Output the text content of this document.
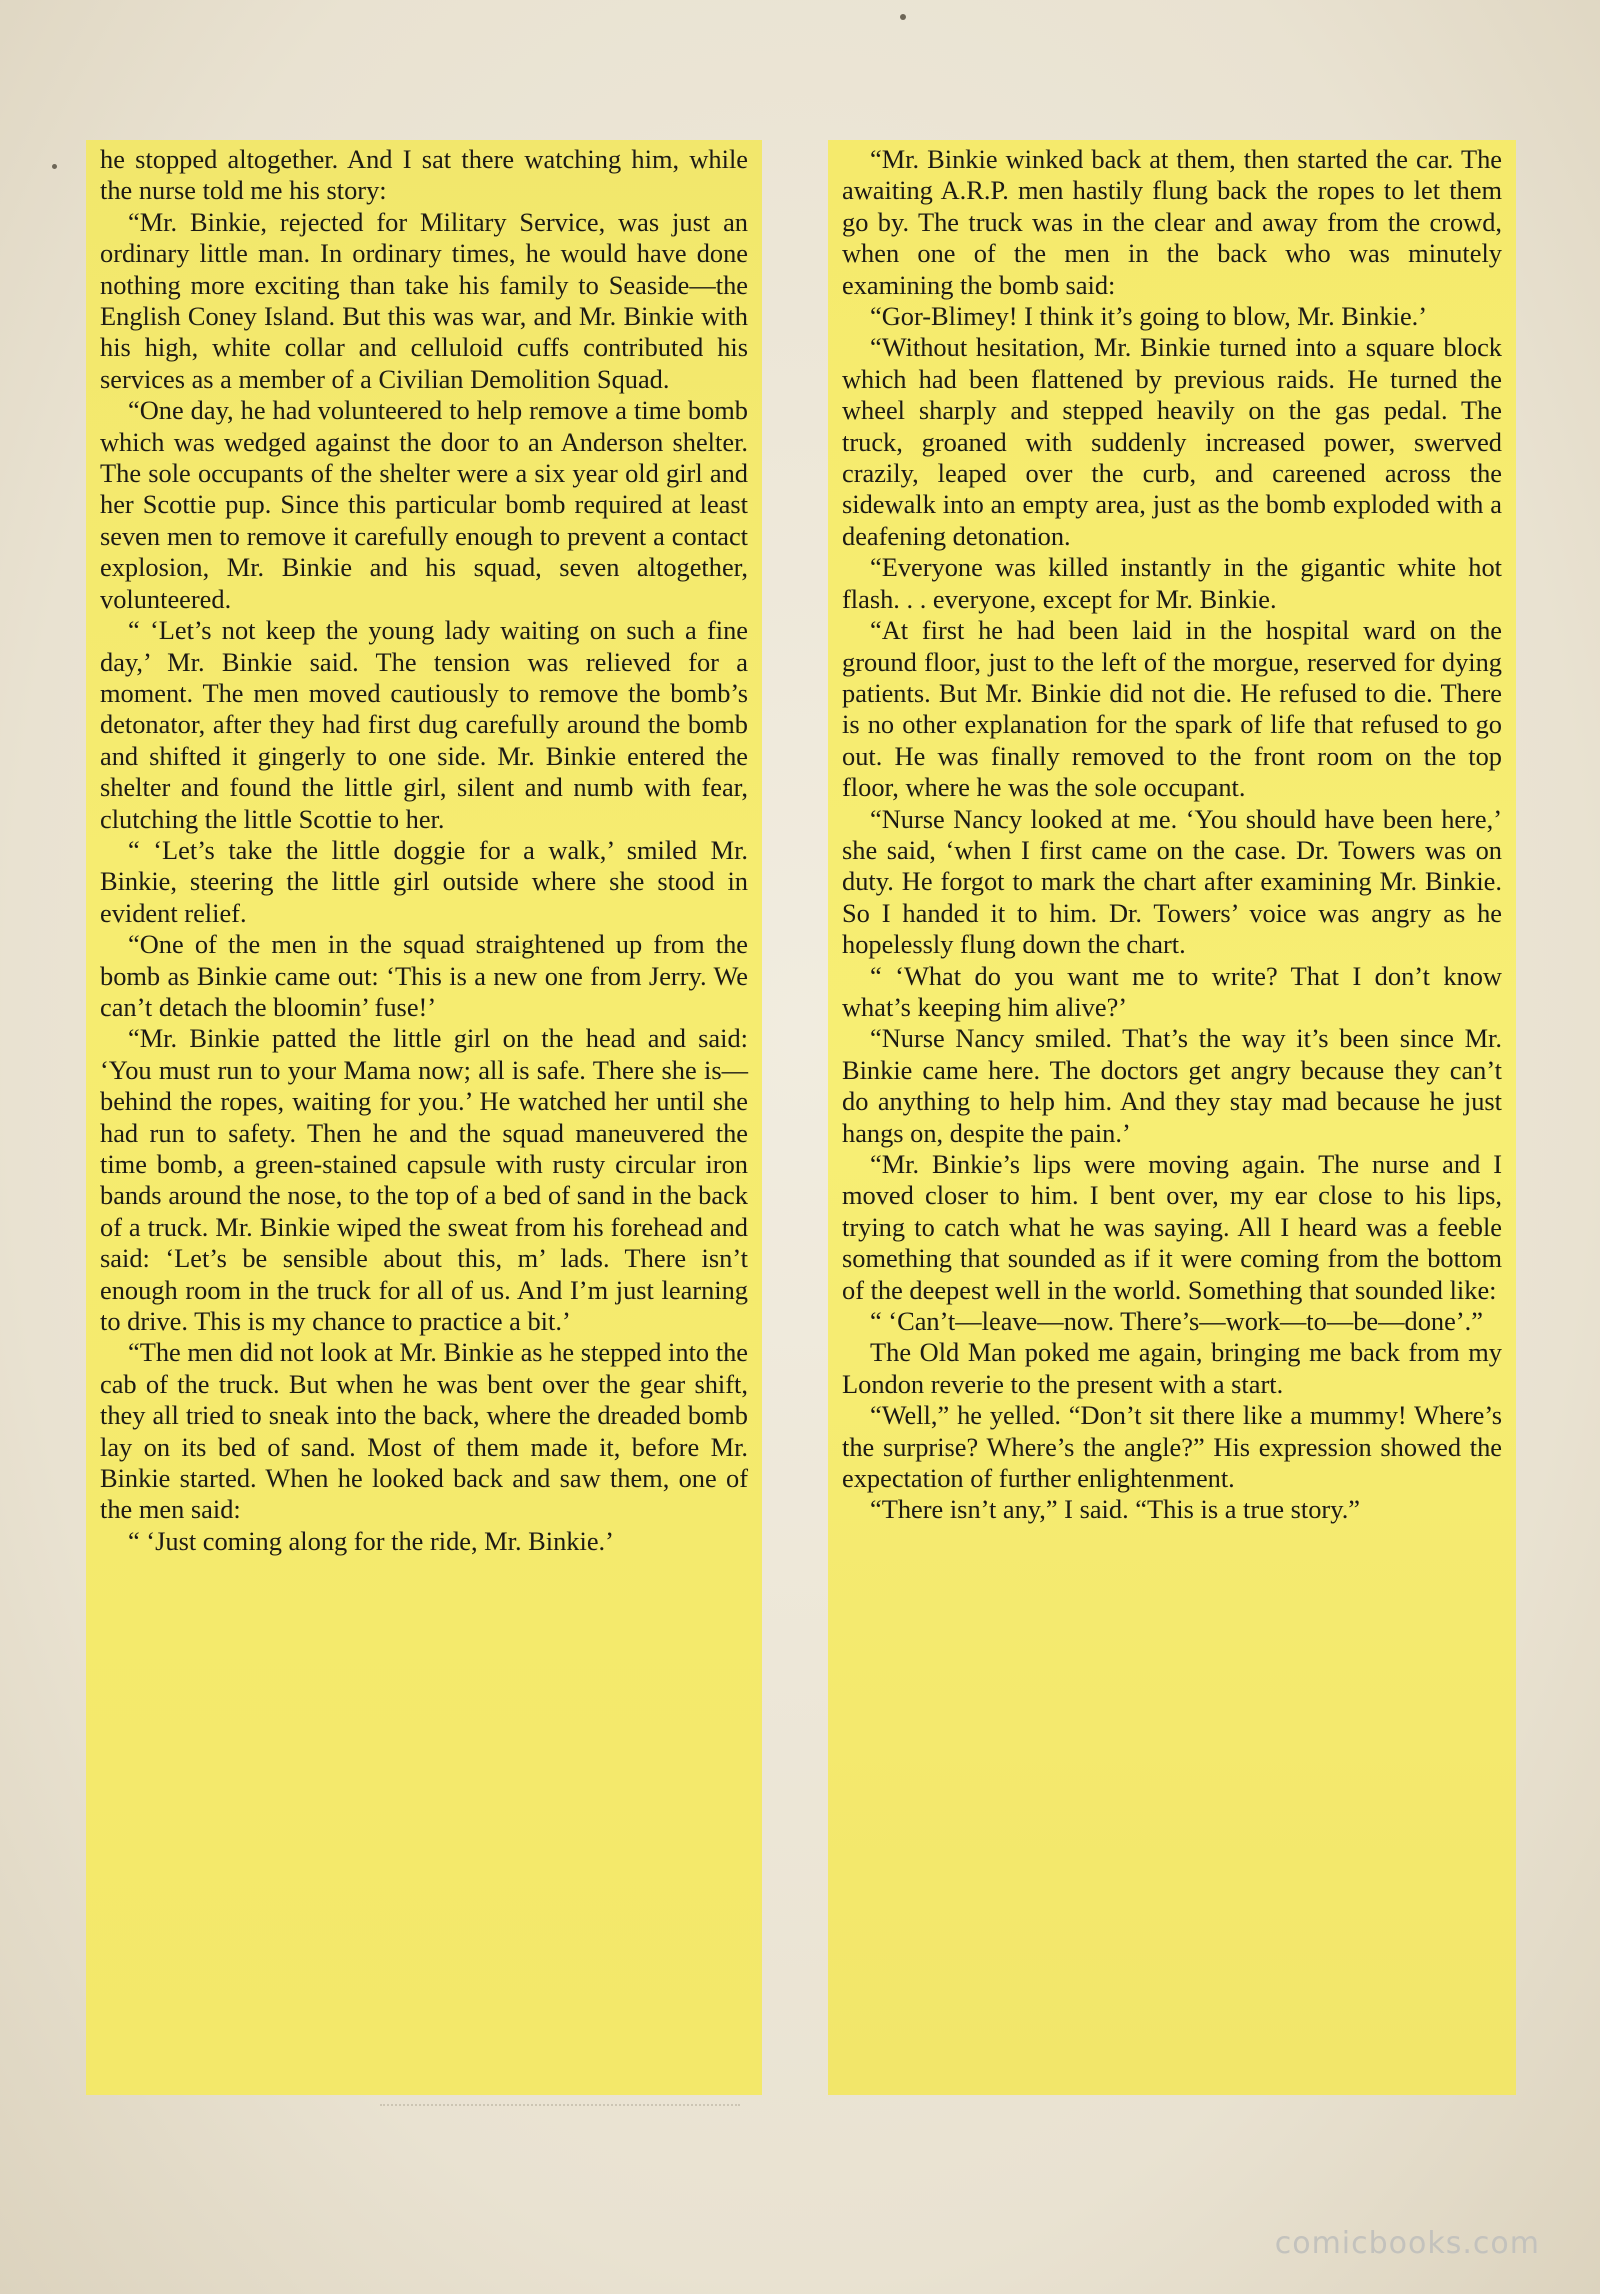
he stopped altogether. And I sat there watching him, while the nurse told me his story:

“Mr. Binkie, rejected for Military Service, was just an ordinary little man. In ordinary times, he would have done nothing more exciting than take his family to Seaside—the English Coney Island. But this was war, and Mr. Binkie with his high, white collar and celluloid cuffs contributed his services as a member of a Civilian Demolition Squad.

“One day, he had volunteered to help remove a time bomb which was wedged against the door to an Anderson shelter. The sole occupants of the shelter were a six year old girl and her Scottie pup. Since this particular bomb required at least seven men to remove it carefully enough to prevent a contact explosion, Mr. Binkie and his squad, seven altogether, volunteered.

“ ‘Let’s not keep the young lady waiting on such a fine day,’ Mr. Binkie said. The tension was relieved for a moment. The men moved cautiously to remove the bomb’s detonator, after they had first dug carefully around the bomb and shifted it gingerly to one side. Mr. Binkie entered the shelter and found the little girl, silent and numb with fear, clutching the little Scottie to her.

“ ‘Let’s take the little doggie for a walk,’ smiled Mr. Binkie, steering the little girl outside where she stood in evident relief.

“One of the men in the squad straightened up from the bomb as Binkie came out: ‘This is a new one from Jerry. We can’t detach the bloomin’ fuse!’

“Mr. Binkie patted the little girl on the head and said: ‘You must run to your Mama now; all is safe. There she is—behind the ropes, waiting for you.’ He watched her until she had run to safety. Then he and the squad maneuvered the time bomb, a green-stained capsule with rusty circular iron bands around the nose, to the top of a bed of sand in the back of a truck. Mr. Binkie wiped the sweat from his forehead and said: ‘Let’s be sensible about this, m’ lads. There isn’t enough room in the truck for all of us. And I’m just learning to drive. This is my chance to practice a bit.’

“The men did not look at Mr. Binkie as he stepped into the cab of the truck. But when he was bent over the gear shift, they all tried to sneak into the back, where the dreaded bomb lay on its bed of sand. Most of them made it, before Mr. Binkie started. When he looked back and saw them, one of the men said:

“ ‘Just coming along for the ride, Mr. Binkie.’

“Mr. Binkie winked back at them, then started the car. The awaiting A.R.P. men hastily flung back the ropes to let them go by. The truck was in the clear and away from the crowd, when one of the men in the back who was minutely examining the bomb said:

“Gor-Blimey! I think it’s going to blow, Mr. Binkie.’

“Without hesitation, Mr. Binkie turned into a square block which had been flattened by previous raids. He turned the wheel sharply and stepped heavily on the gas pedal. The truck, groaned with suddenly increased power, swerved crazily, leaped over the curb, and careened across the sidewalk into an empty area, just as the bomb exploded with a deafening detonation.

“Everyone was killed instantly in the gigantic white hot flash. . . everyone, except for Mr. Binkie.

“At first he had been laid in the hospital ward on the ground floor, just to the left of the morgue, reserved for dying patients. But Mr. Binkie did not die. He refused to die. There is no other explanation for the spark of life that refused to go out. He was finally removed to the front room on the top floor, where he was the sole occupant.

“Nurse Nancy looked at me. ‘You should have been here,’ she said, ‘when I first came on the case. Dr. Towers was on duty. He forgot to mark the chart after examining Mr. Binkie. So I handed it to him. Dr. Towers’ voice was angry as he hopelessly flung down the chart.

“ ‘What do you want me to write? That I don’t know what’s keeping him alive?’

“Nurse Nancy smiled. That’s the way it’s been since Mr. Binkie came here. The doctors get angry because they can’t do anything to help him. And they stay mad because he just hangs on, despite the pain.’

“Mr. Binkie’s lips were moving again. The nurse and I moved closer to him. I bent over, my ear close to his lips, trying to catch what he was saying. All I heard was a feeble something that sounded as if it were coming from the bottom of the deepest well in the world. Something that sounded like:

“ ‘Can’t—leave—now. There’s—work—to—be—done’.”

The Old Man poked me again, bringing me back from my London reverie to the present with a start.

“Well,” he yelled. “Don’t sit there like a mummy! Where’s the surprise? Where’s the angle?” His expression showed the expectation of further enlightenment.

“There isn’t any,” I said. “This is a true story.”

comicbooks.com
